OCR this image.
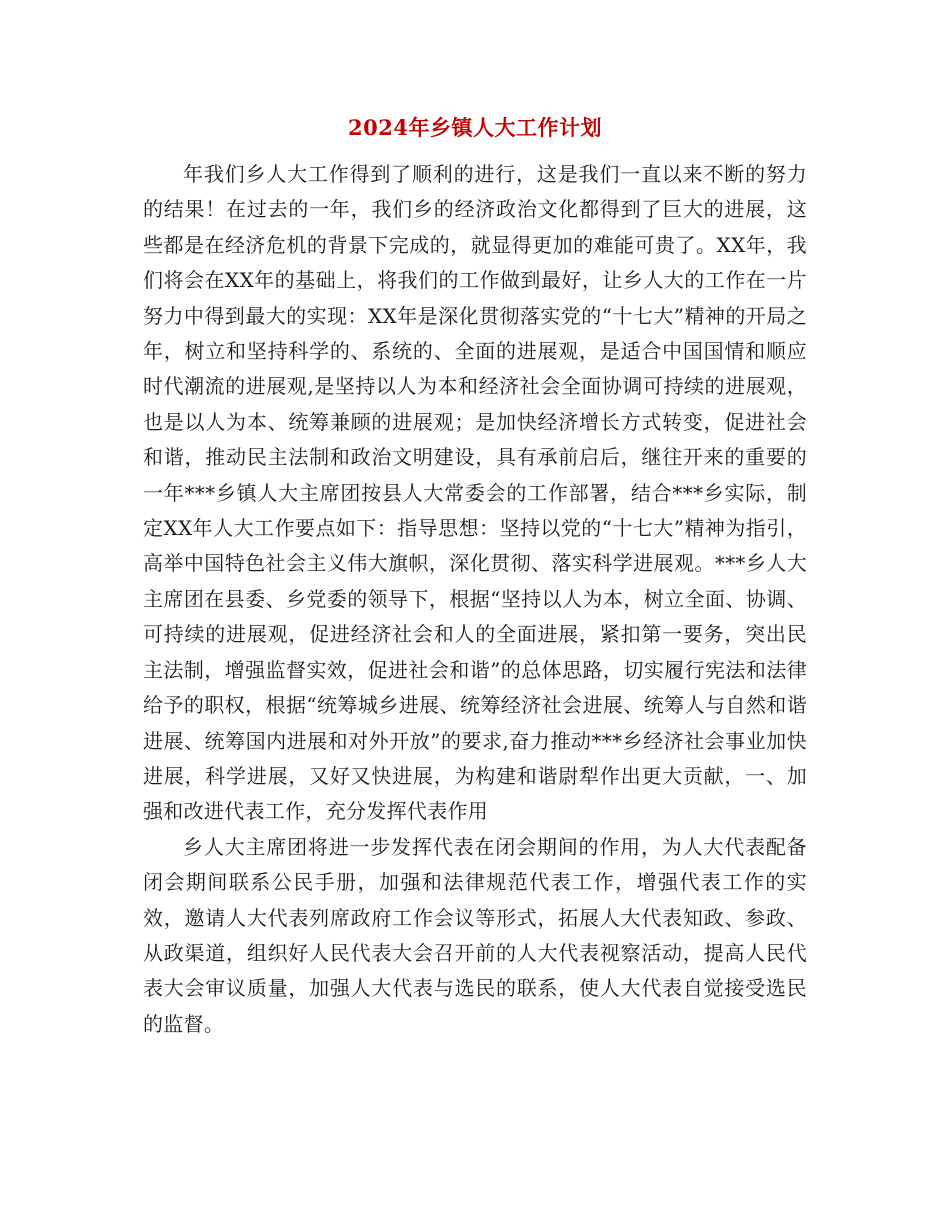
2024年乡镇人大工作计划

年我们乡人大工作得到了顺利的进行，这是我们一直以来不断的努力的结果！在过去的一年，我们乡的经济政治文化都得到了巨大的进展，这些都是在经济危机的背景下完成的，就显得更加的难能可贵了。XX年，我们将会在XX年的基础上，将我们的工作做到最好，让乡人大的工作在一片努力中得到最大的实现：XX年是深化贯彻落实党的“十七大”精神的开局之年，树立和坚持科学的、系统的、全面的进展观，是适合中国国情和顺应时代潮流的进展观,是坚持以人为本和经济社会全面协调可持续的进展观，也是以人为本、统筹兼顾的进展观；是加快经济增长方式转变，促进社会和谐，推动民主法制和政治文明建设，具有承前启后，继往开来的重要的一年***乡镇人大主席团按县人大常委会的工作部署，结合***乡实际，制定XX年人大工作要点如下：指导思想：坚持以党的“十七大”精神为指引，高举中国特色社会主义伟大旗帜，深化贯彻、落实科学进展观。***乡人大主席团在县委、乡党委的领导下，根据“坚持以人为本，树立全面、协调、可持续的进展观，促进经济社会和人的全面进展，紧扣第一要务，突出民主法制，增强监督实效，促进社会和谐”的总体思路，切实履行宪法和法律给予的职权，根据“统筹城乡进展、统筹经济社会进展、统筹人与自然和谐进展、统筹国内进展和对外开放”的要求,奋力推动***乡经济社会事业加快进展，科学进展，又好又快进展，为构建和谐尉犁作出更大贡献，一、加强和改进代表工作，充分发挥代表作用

乡人大主席团将进一步发挥代表在闭会期间的作用，为人大代表配备闭会期间联系公民手册，加强和法律规范代表工作，增强代表工作的实效，邀请人大代表列席政府工作会议等形式，拓展人大代表知政、参政、从政渠道，组织好人民代表大会召开前的人大代表视察活动，提高人民代表大会审议质量，加强人大代表与选民的联系，使人大代表自觉接受选民的监督。
